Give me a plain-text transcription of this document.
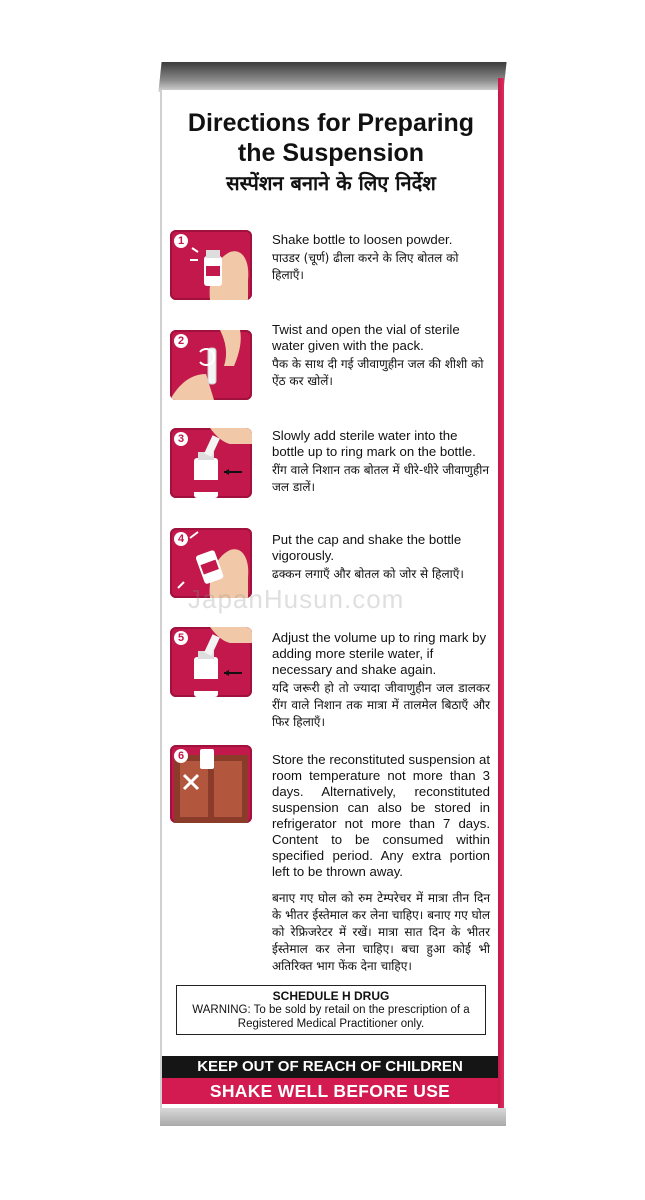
Directions for Preparing the Suspension
सस्पेंशन बनाने के लिए निर्देश
1	Shake bottle to loosen powder.
पाउडर (चूर्ण) ढीला करने के लिए बोतल को हिलाएँ।
2
Twist and open the vial of sterile water given with the pack.
पैक के साथ दी गई जीवाणुहीन जल की शीशी को ऐंठ कर खोलें।
3	Slowly add sterile water into the bottle up to ring mark on the bottle.
रींग वाले निशान तक बोतल में धीरे-धीरे जीवाणुहीन जल डालें।
4	Put the cap and shake the bottle vigorously.
ढक्कन लगाएँ और बोतल को जोर से हिलाएँ।
5	Adjust the volume up to ring mark by adding more sterile water, if necessary and shake again.
यदि जरूरी हो तो ज्यादा जीवाणुहीन जल डालकर रींग वाले निशान तक मात्रा में तालमेल बिठाएँ और फिर हिलाएँ।
6	Store the reconstituted suspension at room temperature not more than 3 days. Alternatively, reconstituted suspension can also be stored in refrigerator not more than 7 days. Content to be consumed within specified period. Any extra portion left to be thrown away.
बनाए गए घोल को रुम टेम्परेचर में मात्रा तीन दिन के भीतर ईस्तेमाल कर लेना चाहिए। बनाए गए घोल को रेफ्रिजरेटर में रखें। मात्रा सात दिन के भीतर ईस्तेमाल कर लेना चाहिए। बचा हुआ कोई भी अतिरिक्त भाग फेंक देना चाहिए।
JapanHusun.com
SCHEDULE H DRUG
WARNING: To be sold by retail on the prescription of a Registered Medical Practitioner only.
KEEP OUT OF REACH OF CHILDREN
SHAKE WELL BEFORE USE
